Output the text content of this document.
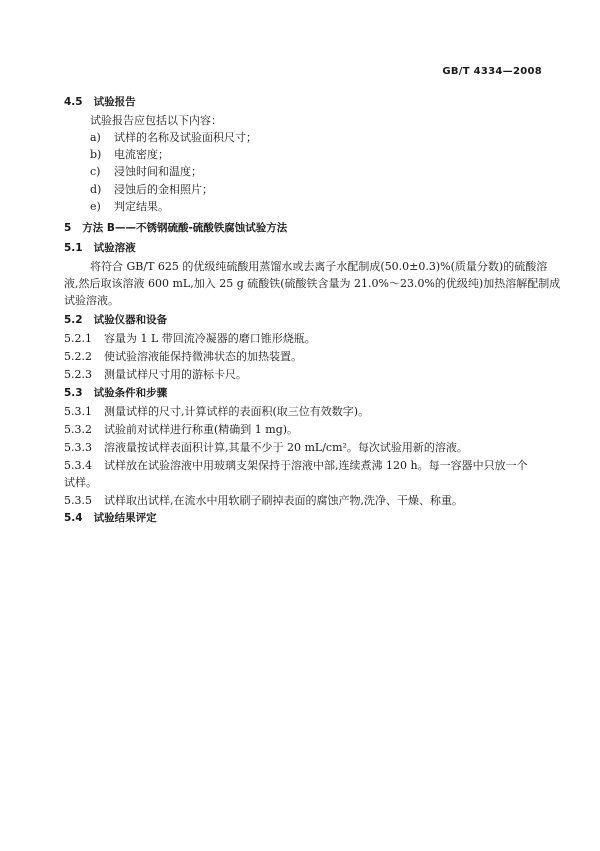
GB/T 4334—2008
4.5 试验报告
试验报告应包括以下内容：
a) 试样的名称及试验面积尺寸；
b) 电流密度；
c) 浸蚀时间和温度；
d) 浸蚀后的金相照片；
e) 判定结果。
5 方法 B——不锈钢硫酸-硫酸铁腐蚀试验方法
5.1 试验溶液
将符合 GB/T 625 的优级纯硫酸用蒸馏水或去离子水配制成(50.0±0.3)%(质量分数)的硫酸溶
液,然后取该溶液 600 mL,加入 25 g 硫酸铁(硫酸铁含量为 21.0%～23.0%的优级纯)加热溶解配制成
试验溶液。
5.2 试验仪器和设备
5.2.1 容量为 1 L 带回流冷凝器的磨口锥形烧瓶。
5.2.2 使试验溶液能保持微沸状态的加热装置。
5.2.3 测量试样尺寸用的游标卡尺。
5.3 试验条件和步骤
5.3.1 测量试样的尺寸,计算试样的表面积(取三位有效数字)。
5.3.2 试验前对试样进行称重(精确到 1 mg)。
5.3.3 溶液量按试样表面积计算,其量不少于 20 mL/cm²。每次试验用新的溶液。
5.3.4 试样放在试验溶液中用玻璃支架保持于溶液中部,连续煮沸 120 h。每一容器中只放一个
试样。
5.3.5 试样取出试样,在流水中用软刷子刷掉表面的腐蚀产物,洗净、干燥、称重。
5.4 试验结果评定
